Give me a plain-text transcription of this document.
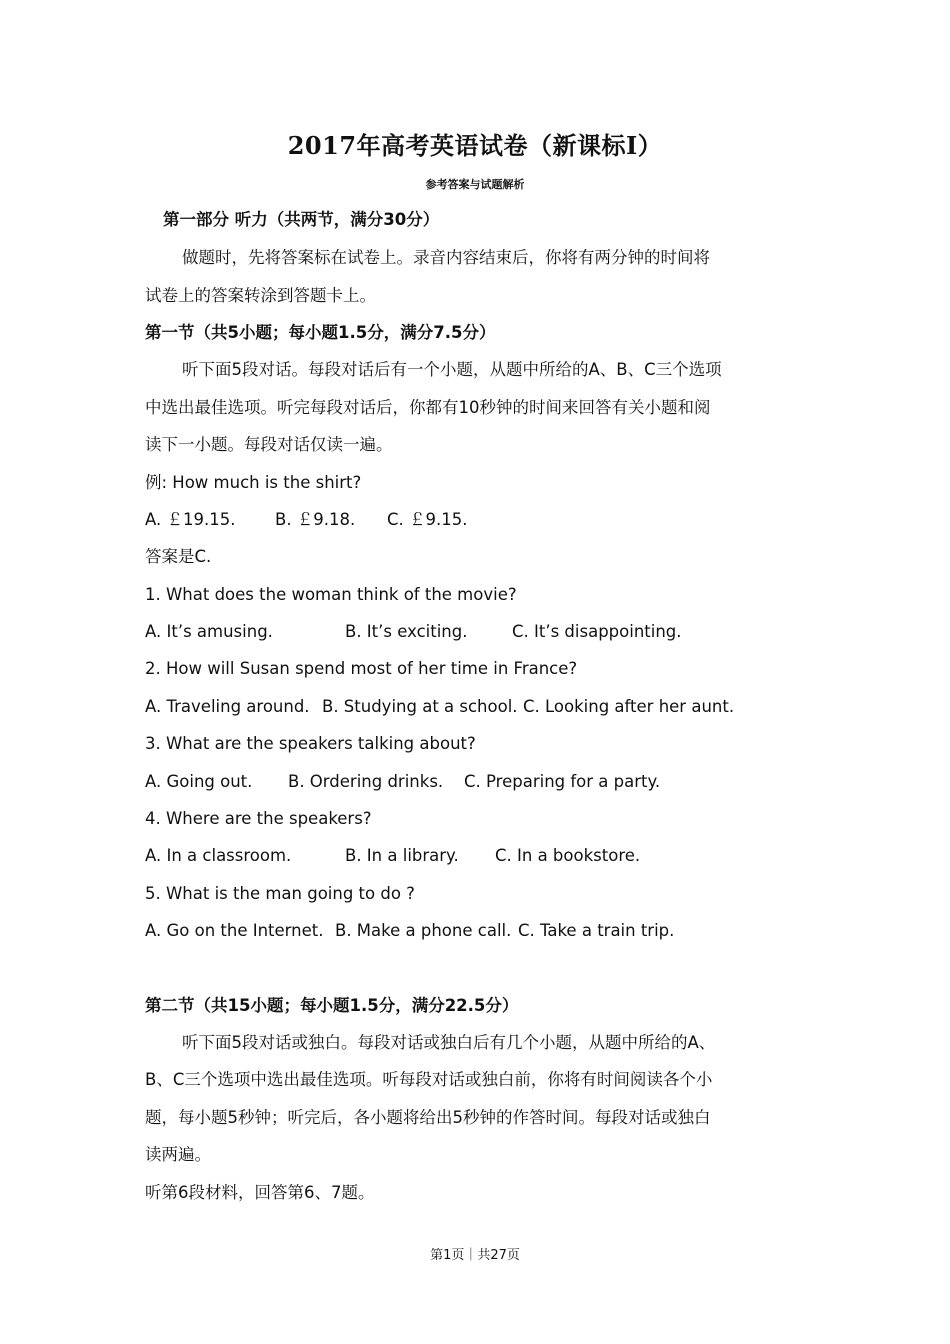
2017年高考英语试卷（新课标Ⅰ）
参考答案与试题解析
第一部分 听力（共两节，满分30分）
做题时，先将答案标在试卷上。录音内容结束后，你将有两分钟的时间将
试卷上的答案转涂到答题卡上。
第一节（共5小题；每小题1.5分，满分7.5分）
听下面5段对话。每段对话后有一个小题，从题中所给的A、B、C三个选项
中选出最佳选项。听完每段对话后，你都有10秒钟的时间来回答有关小题和阅
读下一小题。每段对话仅读一遍。
例: How much is the shirt?
A. ￡19.15. B. ￡9.18. C. ￡9.15.
答案是C.
1. What does the woman think of the movie?
A. It’s amusing.	B. It’s exciting.	C. It’s disappointing.
2. How will Susan spend most of her time in France?
A. Traveling around. B. Studying at a school. C. Looking after her aunt.
3. What are the speakers talking about?
A. Going out. B. Ordering drinks. C. Preparing for a party.
4. Where are the speakers?
A. In a classroom.	B. In a library. C. In a bookstore.
5. What is the man going to do ?
A. Go on the Internet. B. Make a phone call. C. Take a train trip.
第二节（共15小题；每小题1.5分，满分22.5分）
听下面5段对话或独白。每段对话或独白后有几个小题，从题中所给的A、
B、C三个选项中选出最佳选项。听每段对话或独白前，你将有时间阅读各个小
题，每小题5秒钟；听完后，各小题将给出5秒钟的作答时间。每段对话或独白
读两遍。
听第6段材料，回答第6、7题。
第1页｜共27页
